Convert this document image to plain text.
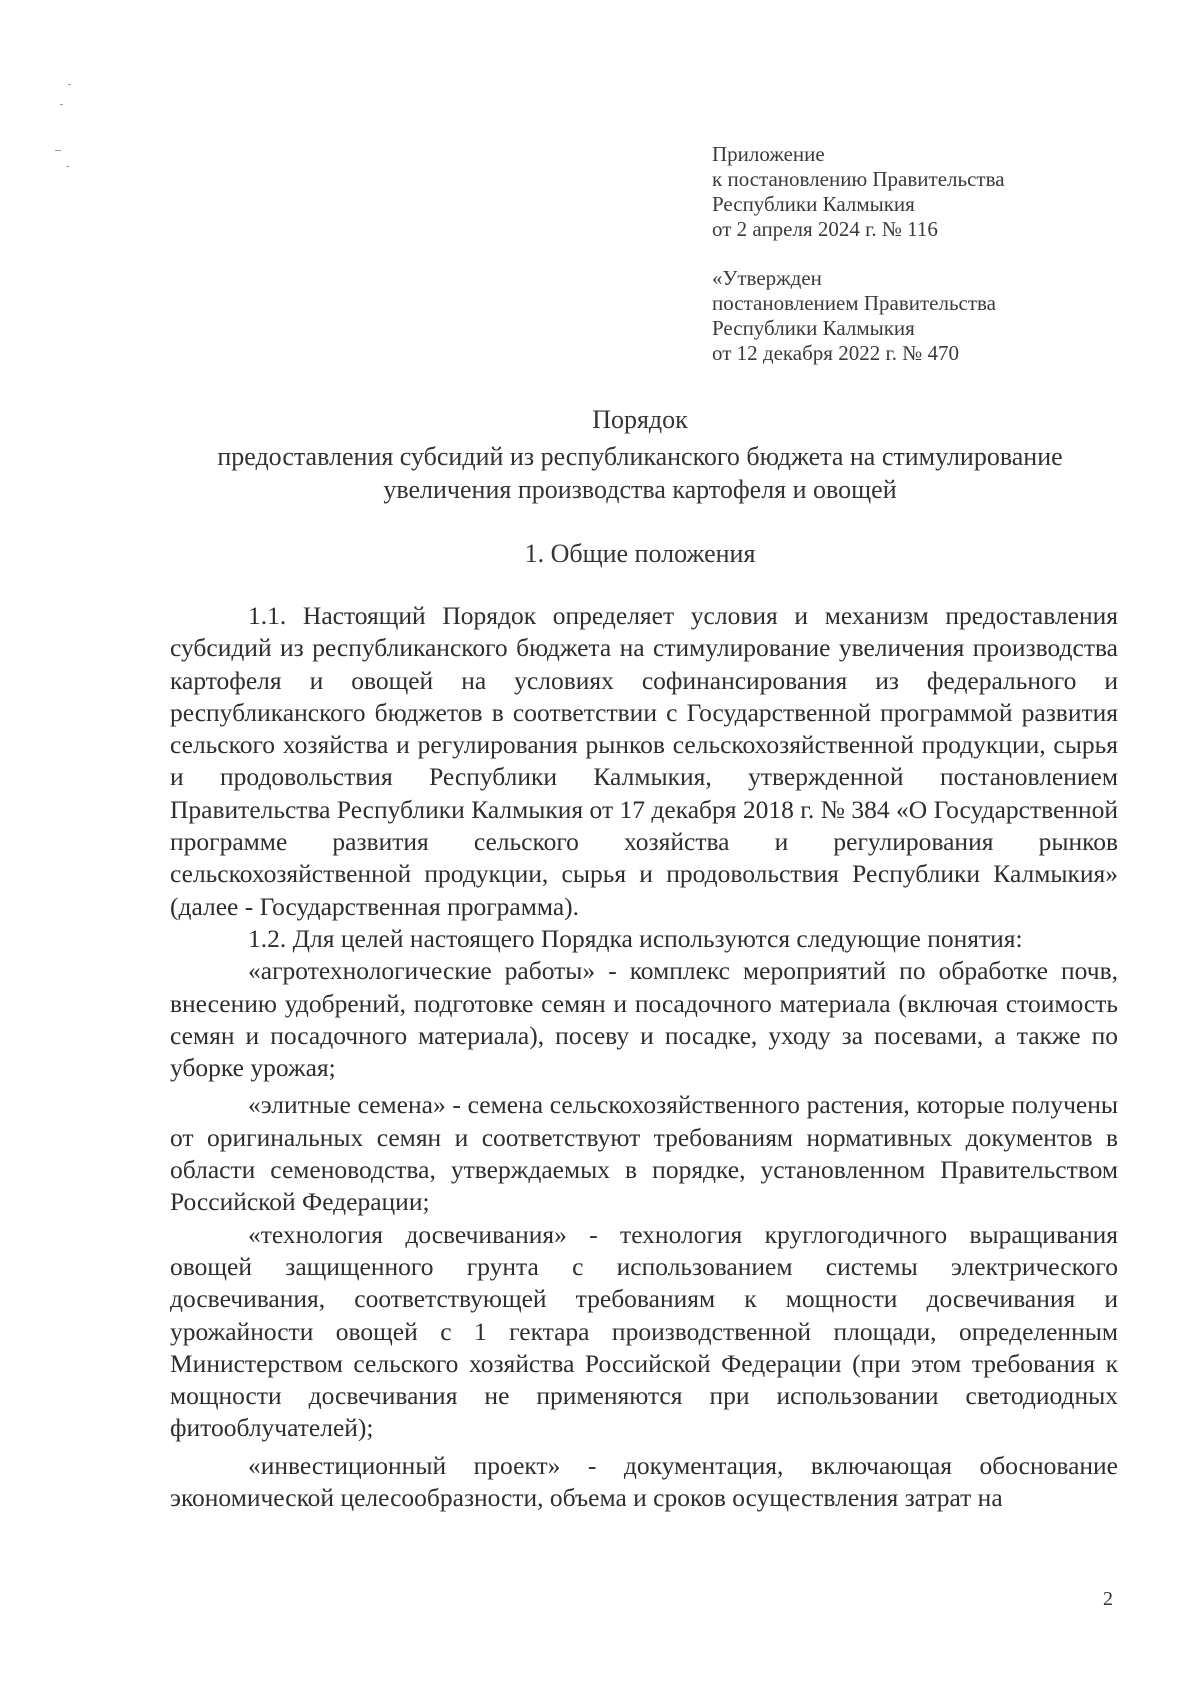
Приложение
к постановлению Правительства
Республики Калмыкия
от 2 апреля 2024 г. № 116
«Утвержден
постановлением Правительства
Республики Калмыкия
от 12 декабря 2022 г. № 470
Порядок
предоставления субсидий из республиканского бюджета на стимулирование
увеличения производства картофеля и овощей
1. Общие положения

1.1. Настоящий Порядок определяет условия и механизм предоставления субсидий из республиканского бюджета на стимулирование увеличения производства картофеля и овощей на условиях софинансирования из федерального и республиканского бюджетов в соответствии с Государственной программой развития сельского хозяйства и регулирования рынков сельскохозяйственной продукции, сырья и продовольствия Республики Калмыкия, утвержденной постановлением Правительства Республики Калмыкия от 17 декабря 2018 г. № 384 «О Государственной программе развития сельского хозяйства и регулирования рынков сельскохозяйственной продукции, сырья и продовольствия Республики Калмыкия» (далее - Государственная программа).

1.2. Для целей настоящего Порядка используются следующие понятия:

«агротехнологические работы» - комплекс мероприятий по обработке почв, внесению удобрений, подготовке семян и посадочного материала (включая стоимость семян и посадочного материала), посеву и посадке, уходу за посевами, а также по уборке урожая;

«элитные семена» - семена сельскохозяйственного растения, которые получены от оригинальных семян и соответствуют требованиям нормативных документов в области семеноводства, утверждаемых в порядке, установленном Правительством Российской Федерации;

«технология досвечивания» - технология круглогодичного выращивания овощей защищенного грунта с использованием системы электрического досвечивания, соответствующей требованиям к мощности досвечивания и урожайности овощей с 1 гектара производственной площади, определенным Министерством сельского хозяйства Российской Федерации (при этом требования к мощности досвечивания не применяются при использовании светодиодных фитооблучателей);

«инвестиционный проект» - документация, включающая обоснование экономической целесообразности, объема и сроков осуществления затрат на

2
